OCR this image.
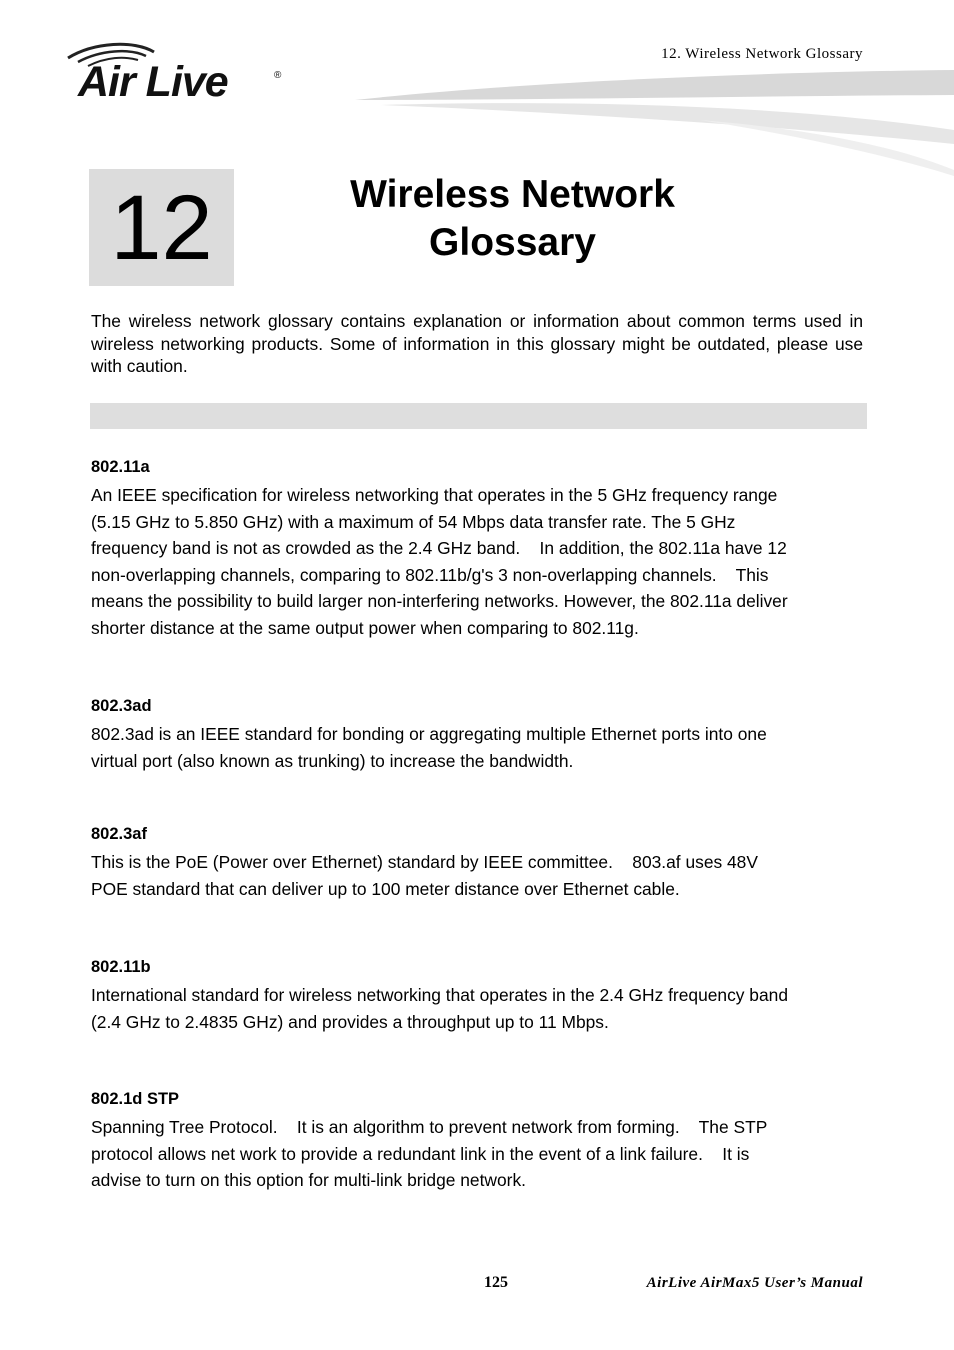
12. Wireless Network Glossary
Air Live	®
12	Wireless Network Glossary
The wireless network glossary contains explanation or information about common terms used in wireless networking products. Some of information in this glossary might be outdated, please use with caution.
802.11a
An IEEE specification for wireless networking that operates in the 5 GHz frequency range
(5.15 GHz to 5.850 GHz) with a maximum of 54 Mbps data transfer rate. The 5 GHz
frequency band is not as crowded as the 2.4 GHz band.    In addition, the 802.11a have 12
non-overlapping channels, comparing to 802.11b/g's 3 non-overlapping channels.    This
means the possibility to build larger non-interfering networks. However, the 802.11a deliver
shorter distance at the same output power when comparing to 802.11g.
802.3ad
802.3ad is an IEEE standard for bonding or aggregating multiple Ethernet ports into one
virtual port (also known as trunking) to increase the bandwidth.
802.3af
This is the PoE (Power over Ethernet) standard by IEEE committee.    803.af uses 48V
POE standard that can deliver up to 100 meter distance over Ethernet cable.
802.11b
International standard for wireless networking that operates in the 2.4 GHz frequency band
(2.4 GHz to 2.4835 GHz) and provides a throughput up to 11 Mbps.
802.1d STP
Spanning Tree Protocol.    It is an algorithm to prevent network from forming.    The STP
protocol allows net work to provide a redundant link in the event of a link failure.    It is
advise to turn on this option for multi-link bridge network.
125	AirLive AirMax5 User’s Manual
